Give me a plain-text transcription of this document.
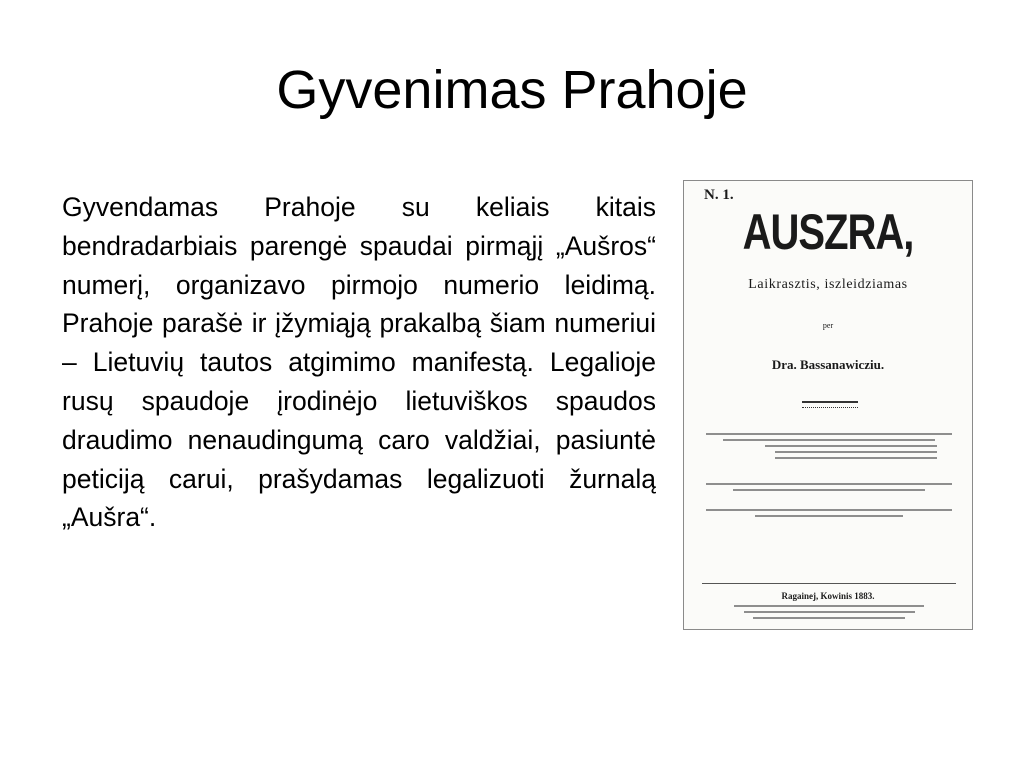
Gyvenimas Prahoje

Gyvendamas Prahoje su keliais kitais bendradarbiais parengė spaudai pirmąjį „Aušros“ numerį, organizavo pirmojo numerio leidimą. Prahoje parašė ir įžymiąją prakalbą šiam numeriui – Lietuvių tautos atgimimo manifestą. Legalioje rusų spaudoje įrodinėjo lietuviškos spaudos draudimo nenaudingumą caro valdžiai, pasiuntė peticiją carui, prašydamas legalizuoti žurnalą „Aušra“.

N. 1.
AUSZRA,
Laikrasztis, iszleidziamas
per
Dra. Bassanawicziu.
Ragainej, Kowinis 1883.
